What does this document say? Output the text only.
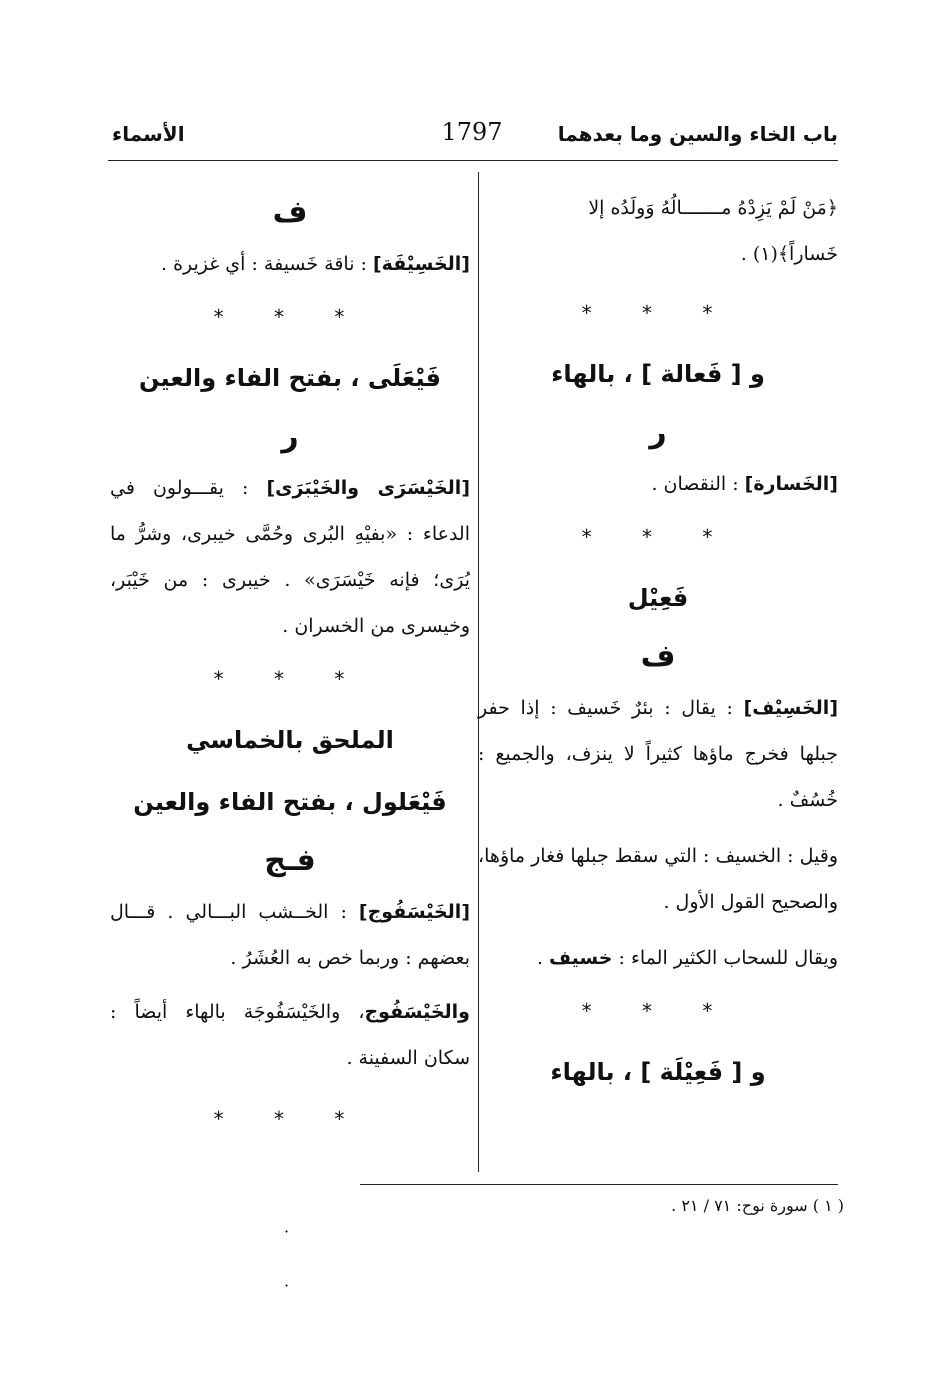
باب الخاء والسين وما بعدهما
1797
الأسماء

﴿مَنْ لَمْ يَزِدْهُ مـــــــالُهُ وَولَدُه إلا

خَساراً﴾(١) .

* * *

و [ فَعالة ] ، بالهاء

ر

[الخَسارة] : النقصان .

* * *

فَعِيْل

ف

[الخَسِيْف] : يقال : بئرٌ خَسيف : إذا حفر جبلها فخرج ماؤها كثيراً لا ينزف، والجميع : خُسُفٌ .

وقيل : الخسيف : التي سقط جبلها فغار ماؤها، والصحيح القول الأول .

ويقال للسحاب الكثير الماء : خسيف .

* * *

و [ فَعِيْلَة ] ، بالهاء

ف

[الخَسِيْفَة] : ناقة خَسيفة : أي غزيرة .

* * *

فَيْعَلَى ، بفتح الفاء والعين

ر

[الخَيْسَرَى والخَيْبَرَى] : يقـــولون في الدعاء : «بفيْهِ البُرى وحُمَّى خيبرى، وشرُّ ما يُرَى؛ فإنه خَيْسَرَى» . خيبرى : من خَيْبَر، وخيسرى من الخسران .

* * *

الملحق بالخماسي

فَيْعَلول ، بفتح الفاء والعين

فـج

[الخَيْسَفُوج] : الخــشب البـــالي . قـــال بعضهم : وربما خص به العُشَرُ .

والخَيْسَفُوج، والخَيْسَفُوجَة بالهاء أيضاً : سكان السفينة .

* * *
( ١ ) سورة نوح: ٧١ / ٢١ .
·
·
